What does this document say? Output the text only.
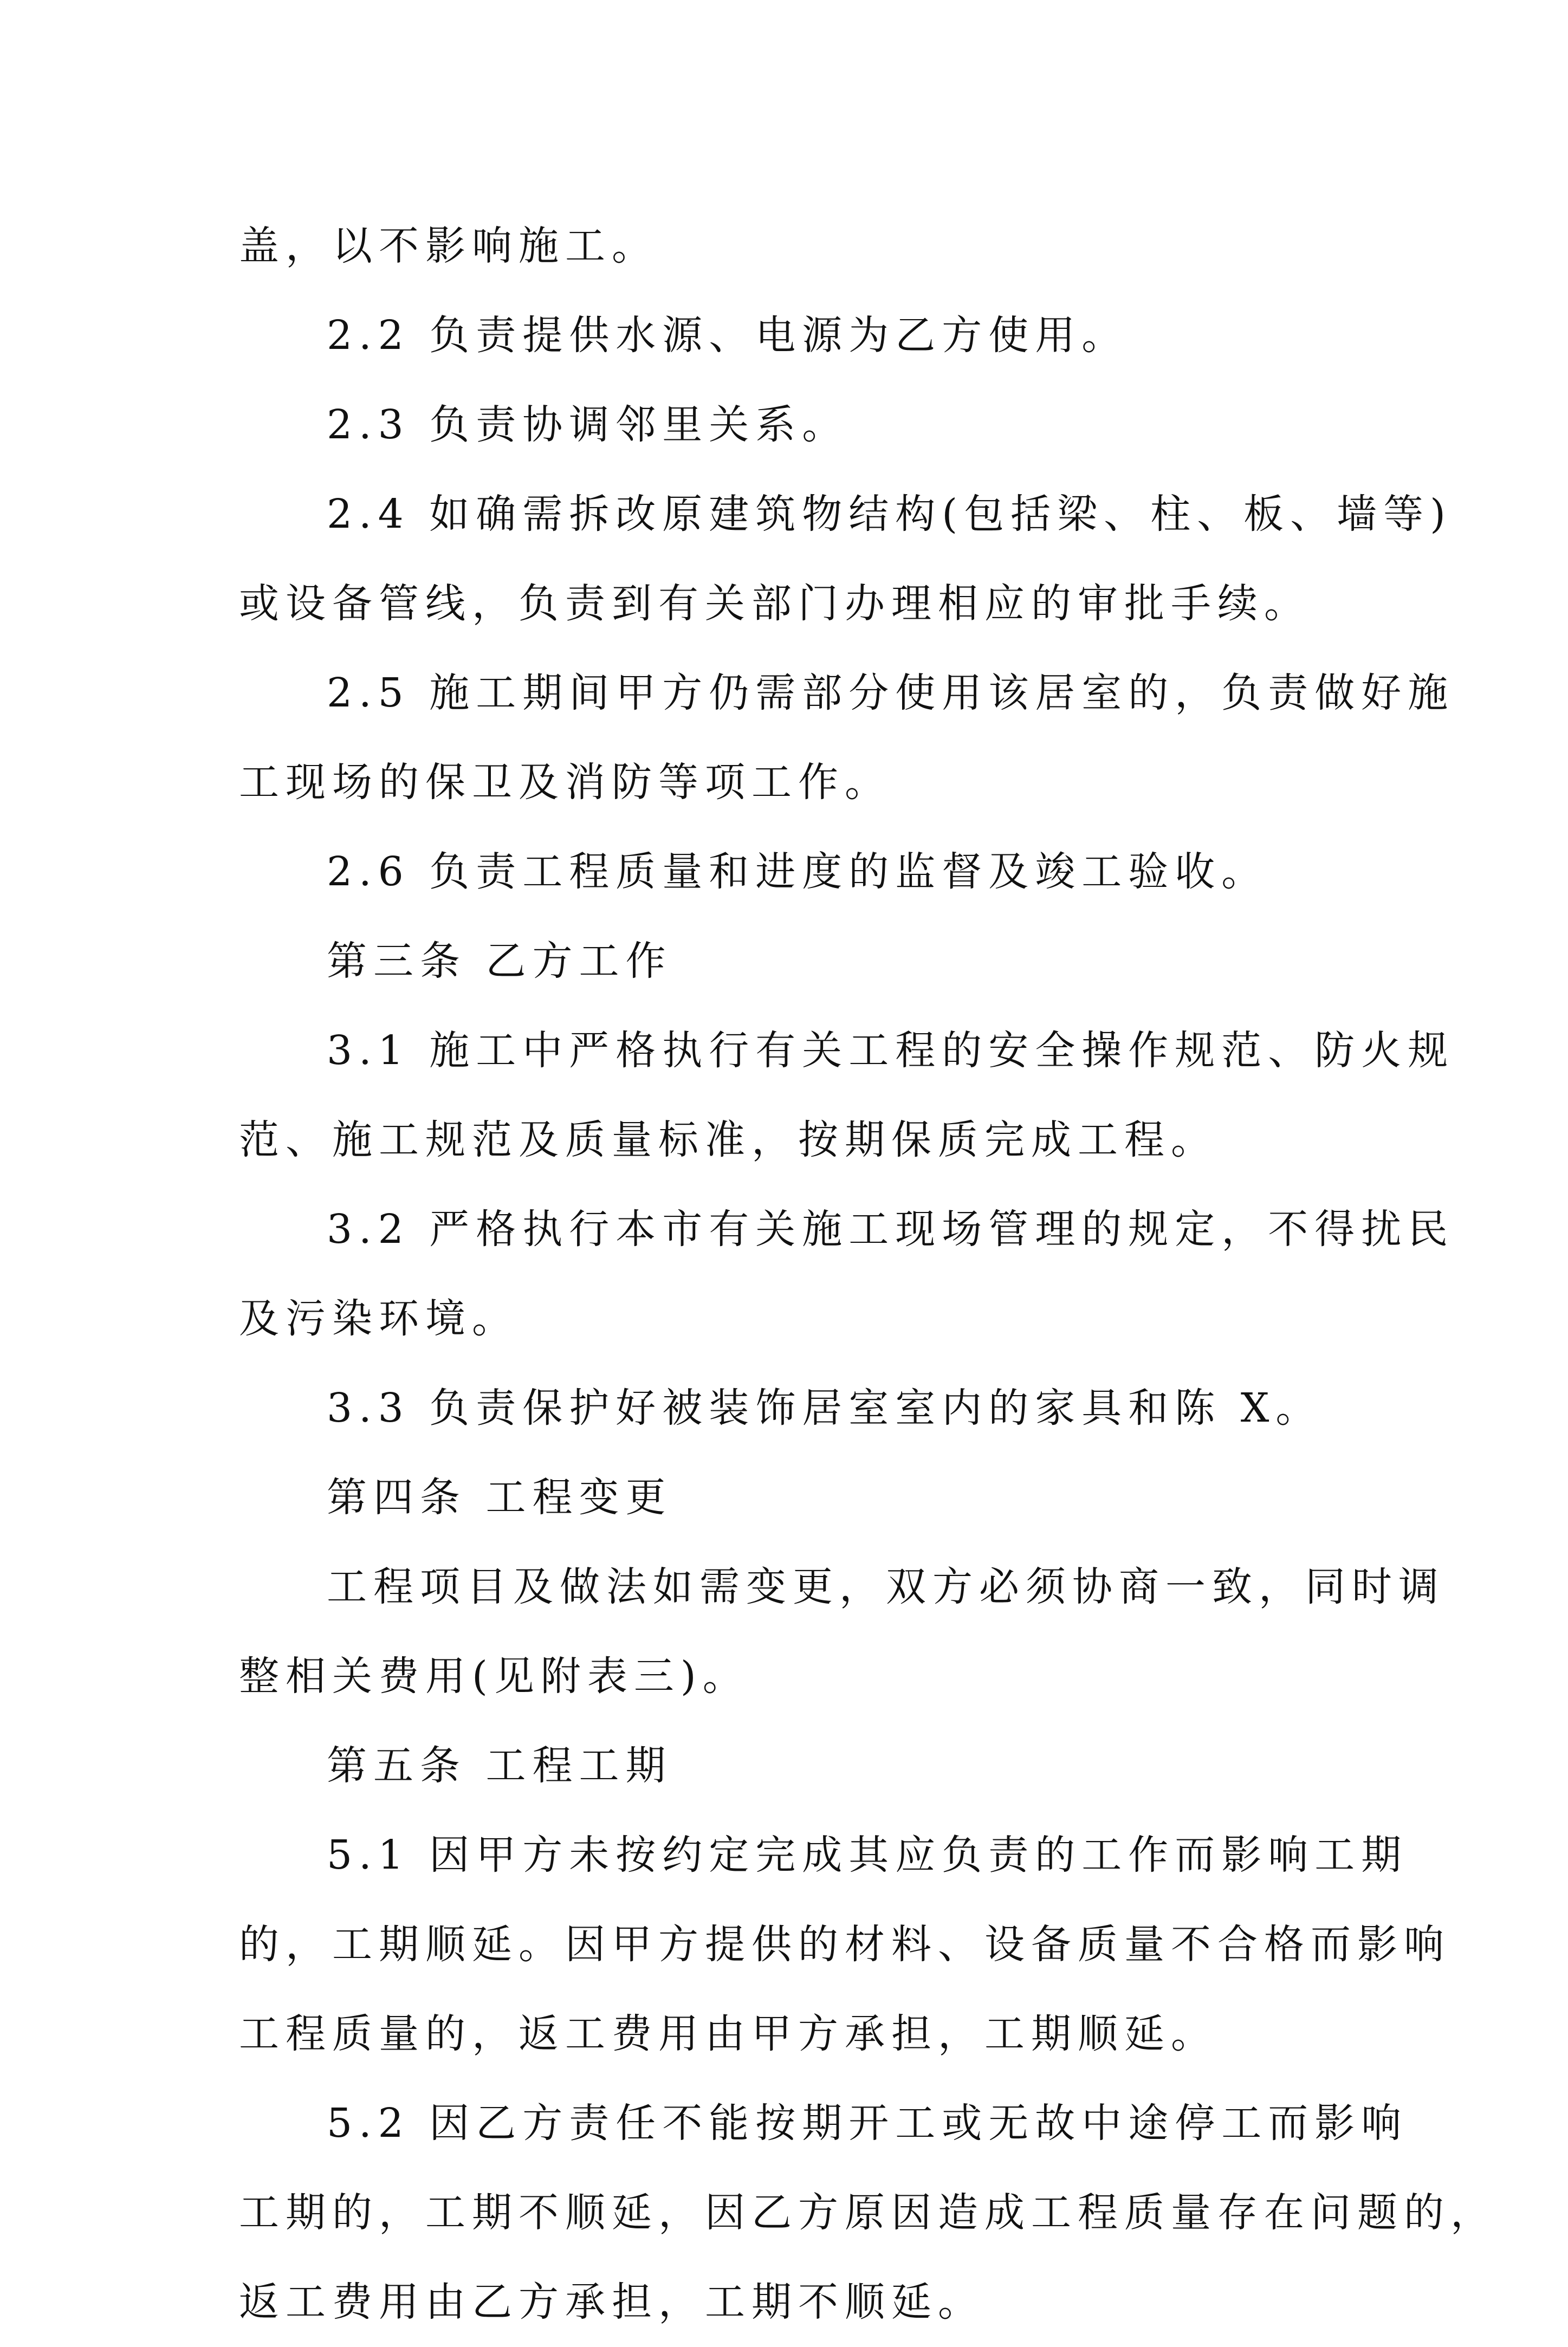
盖，以不影响施工。
2.2 负责提供水源、电源为乙方使用。
2.3 负责协调邻里关系。
2.4 如确需拆改原建筑物结构(包括梁、柱、板、墙等)
或设备管线，负责到有关部门办理相应的审批手续。
2.5 施工期间甲方仍需部分使用该居室的，负责做好施
工现场的保卫及消防等项工作。
2.6 负责工程质量和进度的监督及竣工验收。
第三条 乙方工作
3.1 施工中严格执行有关工程的安全操作规范、防火规
范、施工规范及质量标准，按期保质完成工程。
3.2 严格执行本市有关施工现场管理的规定，不得扰民
及污染环境。
3.3 负责保护好被装饰居室室内的家具和陈 X。
第四条 工程变更
工程项目及做法如需变更，双方必须协商一致，同时调
整相关费用(见附表三)。
第五条 工程工期
5.1 因甲方未按约定完成其应负责的工作而影响工期
的，工期顺延。因甲方提供的材料、设备质量不合格而影响
工程质量的，返工费用由甲方承担，工期顺延。
5.2 因乙方责任不能按期开工或无故中途停工而影响
工期的，工期不顺延，因乙方原因造成工程质量存在问题的，
返工费用由乙方承担，工期不顺延。
